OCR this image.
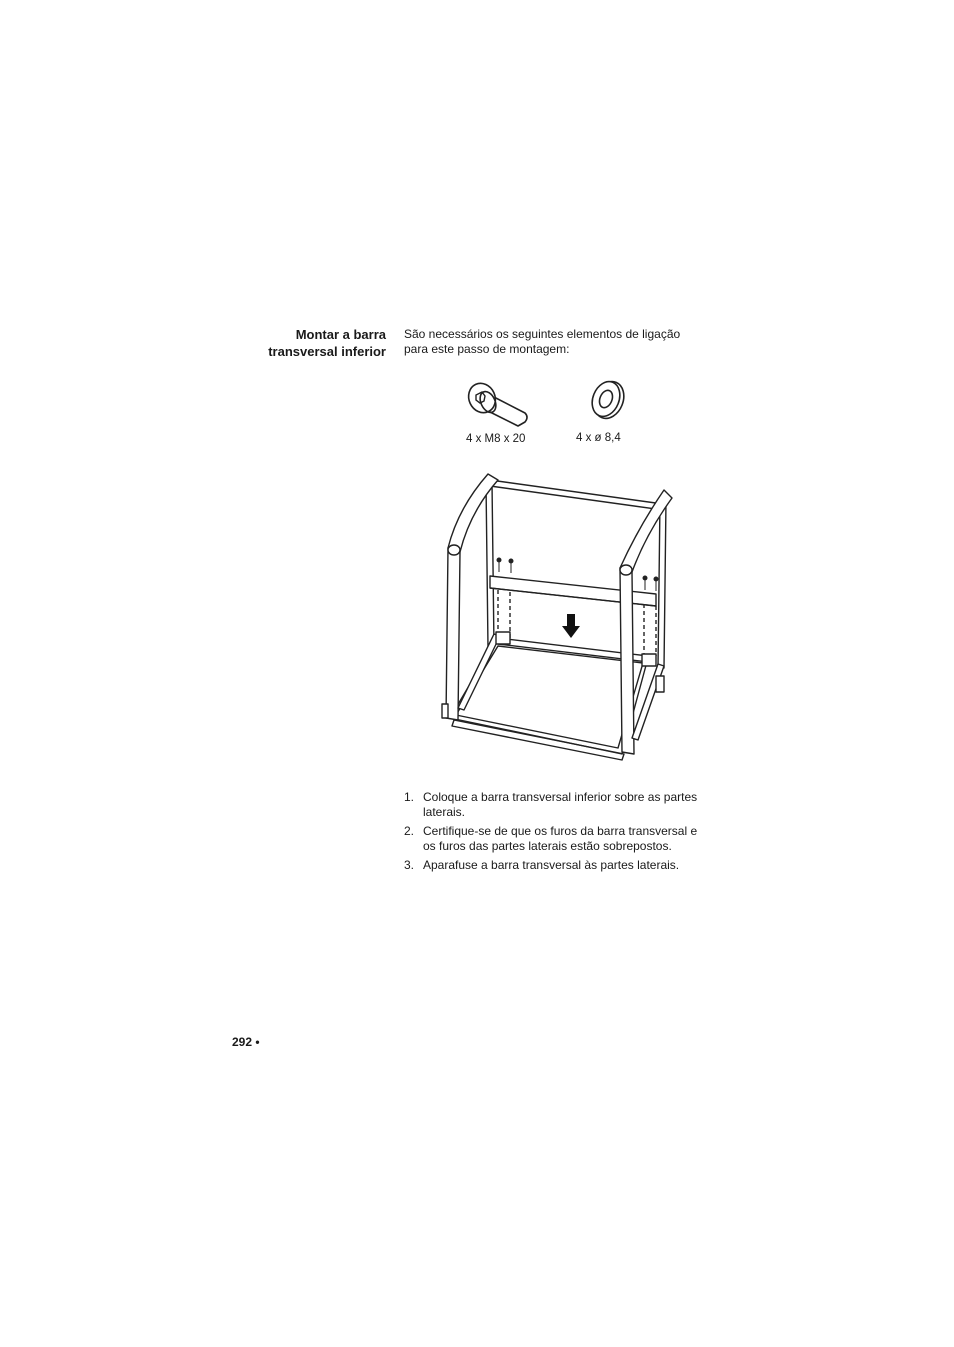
Montar a barra
transversal inferior
São necessários os seguintes elementos de ligação
para este passo de montagem:
4 x M8 x 20	4 x ø 8,4
1. Coloque a barra transversal inferior sobre as partes
laterais.
2. Certifique-se de que os furos da barra transversal e
os furos das partes laterais estão sobrepostos.
3. Aparafuse a barra transversal às partes laterais.
292 •
